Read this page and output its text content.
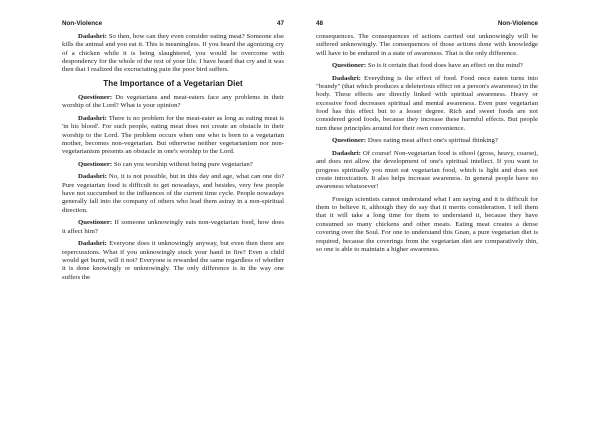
Non-Violence	47

Dadashri: So then, how can they even consider eating meat? Someone else kills the animal and you eat it. This is meaningless. If you heard the agonizing cry of a chicken while it is being slaughtered, you would be overcome with despondency for the whole of the rest of your life. I have heard that cry and it was then that I realized the excruciating pain the poor bird suffers.

The Importance of a Vegetarian Diet

Questioner: Do vegetarians and meat-eaters face any problems in their worship of the Lord? What is your opinion?

Dadashri: There is no problem for the meat-eater as long as eating meat is 'in his blood'. For such people, eating meat does not create an obstacle in their worship to the Lord. The problem occurs when one who is born to a vegetarian mother, becomes non-vegetarian. But otherwise neither vegetarianism nor non-vegetarianism presents an obstacle in one's worship to the Lord.

Questioner: So can you worship without being pure vegetarian?

Dadashri: No, it is not possible, but in this day and age, what can one do? Pure vegetarian food is difficult to get nowadays, and besides, very few people have not succumbed to the influences of the current time cycle. People nowadays generally fall into the company of others who lead them astray in a non-spiritual direction.

Questioner: If someone unknowingly eats non-vegetarian food, how does it affect him?

Dadashri: Everyone does it unknowingly anyway, but even then there are repercussions. What if you unknowingly stuck your hand in fire? Even a child would get burnt, will it not? Everyone is rewarded the same regardless of whether it is done knowingly or unknowingly. The only difference is in the way one suffers the

48	Non-Violence

consequences. The consequences of actions carried out unknowingly will be suffered unknowingly. The consequences of those actions done with knowledge will have to be endured in a state of awareness. That is the only difference.

Questioner: So is it certain that food does have an effect on the mind?

Dadashri: Everything is the effect of food. Food once eaten turns into "brandy" (that which produces a deleterious effect on a person's awareness) in the body. These effects are directly linked with spiritual awareness. Heavy or excessive food decreases spiritual and mental awareness. Even pure vegetarian food has this effect but to a lesser degree. Rich and sweet foods are not considered good foods, because they increase these harmful effects. But people turn these principles around for their own convenience.

Questioner: Does eating meat affect one's spiritual thinking?

Dadashri: Of course! Non-vegetarian food is sthool (gross, heavy, coarse), and does not allow the development of one's spiritual intellect. If you want to progress spiritually you must eat vegetarian food, which is light and does not create intoxication. It also helps increase awareness. In general people have no awareness whatsoever!

Foreign scientists cannot understand what I am saying and it is difficult for them to believe it, although they do say that it merits consideration. I tell them that it will take a long time for them to understand it, because they have consumed so many chickens and other meats. Eating meat creates a dense covering over the Soul. For one to understand this Gnan, a pure vegetarian diet is required, because the coverings from the vegetarian diet are comparatively thin, so one is able to maintain a higher awareness.
